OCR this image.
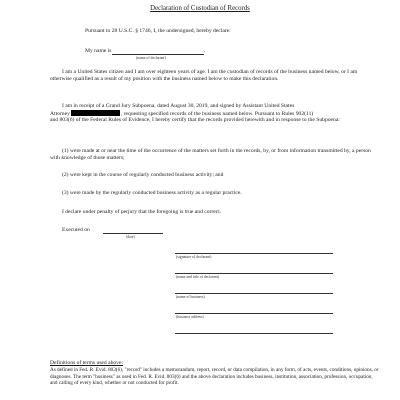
Declaration of Custodian of Records
Pursuant to 28 U.S.C. § 1746, I, the undersigned, hereby declare:
My name is	.
(name of declarant)
I am a United States citizen and I am over eighteen years of age. I am the custodian of records of the business named below, or I am otherwise qualified as a result of my position with the business named below to make this declaration.
I am in receipt of a Grand Jury Subpoena, dated August 30, 2019, and signed by Assistant United States
Attorney	, requesting specified records of the business named below. Pursuant to Rules 902(11)
and 803(6) of the Federal Rules of Evidence, I hereby certify that the records provided herewith and in response to the Subpoena:
(1) were made at or near the time of the occurrence of the matters set forth in the records, by, or from information transmitted by, a person with knowledge of those matters;
(2) were kept in the course of regularly conducted business activity; and
(3) were made by the regularly conducted business activity as a regular practice.
I declare under penalty of perjury that the foregoing is true and correct.
Executed on
(date)
(signature of declarant)
(name and title of declarant)
(name of business)
(business address)
Definitions of terms used above:
As defined in Fed. R. Evid. 803(6), "record" includes a memorandum, report, record, or data compilation, in any form, of acts, events, conditions, opinions, or diagnoses. The term "business" as used in Fed. R. Evid. 803(6) and the above declaration includes business, institution, association, profession, occupation, and calling of every kind, whether or not conducted for profit.
